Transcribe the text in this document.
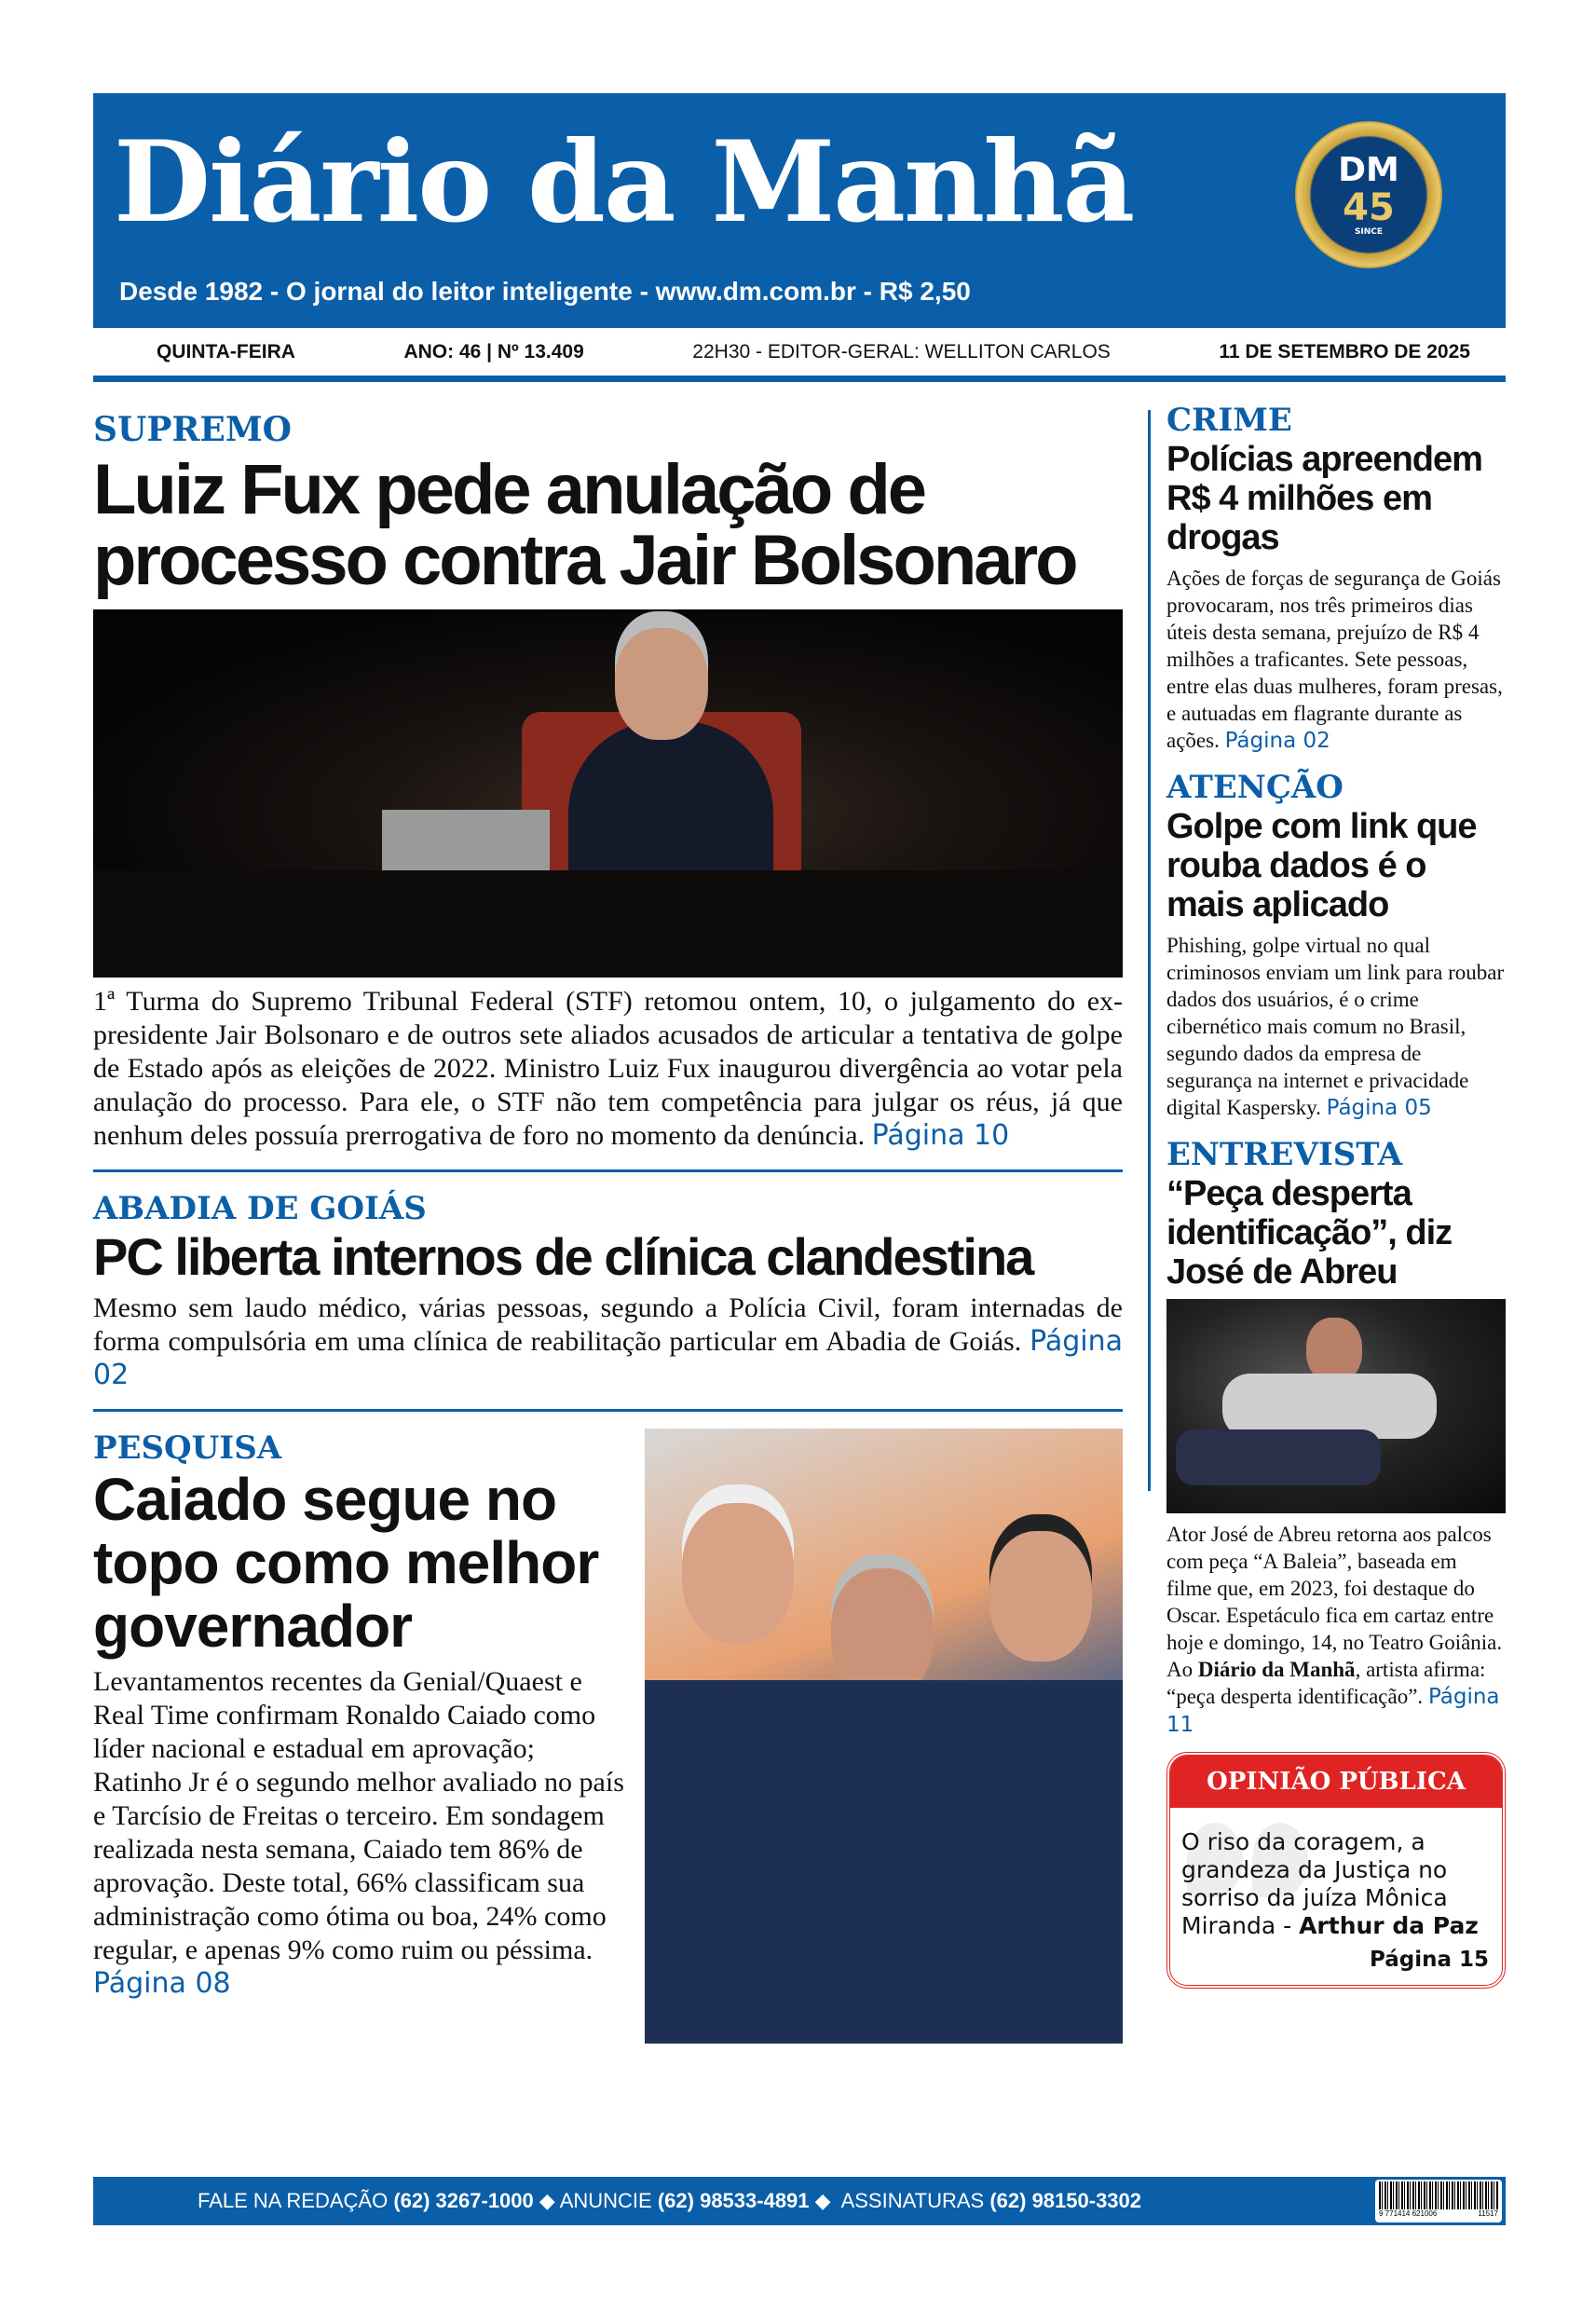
Diário da Manhã
Desde 1982 - O jornal do leitor inteligente - www.dm.com.br - R$ 2,50
DM
45
SINCE
QUINTA-FEIRA	ANO: 46 | Nº 13.409	22H30 - EDITOR-GERAL: WELLITON CARLOS	11 DE SETEMBRO DE 2025
SUPREMO
Luiz Fux pede anulação de processo contra Jair Bolsonaro
1ª Turma do Supremo Tribunal Federal (STF) retomou ontem, 10, o julgamento do ex-presidente Jair Bolsonaro e de outros sete aliados acusados de articular a tentativa de golpe de Estado após as eleições de 2022. Ministro Luiz Fux inaugurou divergência ao votar pela anulação do processo. Para ele, o STF não tem competência para julgar os réus, já que nenhum deles possuía prerrogativa de foro no momento da denúncia. Página 10
ABADIA DE GOIÁS
PC liberta internos de clínica clandestina
Mesmo sem laudo médico, várias pessoas, segundo a Polícia Civil, foram internadas de forma compulsória em uma clínica de reabilitação particular em Abadia de Goiás. Página 02
PESQUISA
Caiado segue no topo como melhor governador
Levantamentos recentes da Genial/Quaest e Real Time confirmam Ronaldo Caiado como líder nacional e estadual em aprovação; Ratinho Jr é o segundo melhor avaliado no país e Tarcísio de Freitas o terceiro. Em sondagem realizada nesta semana, Caiado tem 86% de aprovação. Deste total, 66% classificam sua administração como ótima ou boa, 24% como regular, e apenas 9% como ruim ou péssima. Página 08
CRIME
Polícias apreendem R$ 4 milhões em drogas
Ações de forças de segurança de Goiás provocaram, nos três primeiros dias úteis desta semana, prejuízo de R$ 4 milhões a traficantes. Sete pessoas, entre elas duas mulheres, foram presas, e autuadas em flagrante durante as ações. Página 02
ATENÇÃO
Golpe com link que rouba dados é o mais aplicado
Phishing, golpe virtual no qual criminosos enviam um link para roubar dados dos usuários, é o crime cibernético mais comum no Brasil, segundo dados da empresa de segurança na internet e privacidade digital Kaspersky. Página 05
ENTREVISTA
“Peça desperta identificação”, diz José de Abreu
Ator José de Abreu retorna aos palcos com peça “A Baleia”, baseada em filme que, em 2023, foi destaque do Oscar. Espetáculo fica em cartaz entre hoje e domingo, 14, no Teatro Goiânia. Ao Diário da Manhã, artista afirma: “peça desperta identificação”. Página 11
OPINIÃO PÚBLICA
O riso da coragem, a grandeza da Justiça no sorriso da juíza Mônica Miranda - Arthur da Paz
Página 15
FALE NA REDAÇÃO (62) 3267-1000 ◆ ANUNCIE (62) 98533-4891 ◆  ASSINATURAS (62) 98150-3302
9 771414 621006	11517
